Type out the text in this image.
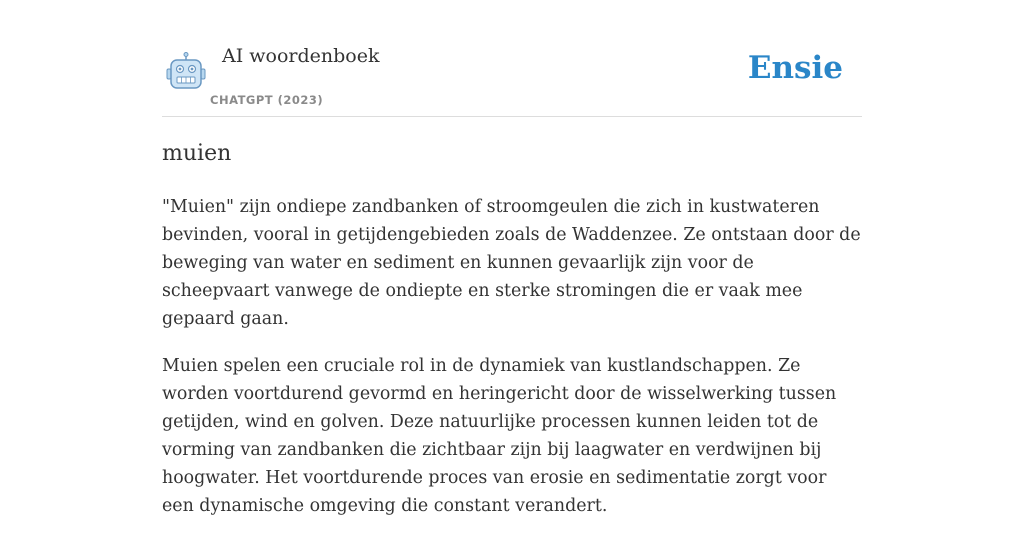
AI woordenboek
CHATGPT (2023)
Ensie
muien

"Muien" zijn ondiepe zandbanken of stroomgeulen die zich in kustwateren bevinden, vooral in getijdengebieden zoals de Waddenzee. Ze ontstaan door de beweging van water en sediment en kunnen gevaarlijk zijn voor de scheepvaart vanwege de ondiepte en sterke stromingen die er vaak mee gepaard gaan.

Muien spelen een cruciale rol in de dynamiek van kustlandschappen. Ze worden voortdurend gevormd en heringericht door de wisselwerking tussen getijden, wind en golven. Deze natuurlijke processen kunnen leiden tot de vorming van zandbanken die zichtbaar zijn bij laagwater en verdwijnen bij hoogwater. Het voortdurende proces van erosie en sedimentatie zorgt voor een dynamische omgeving die constant verandert.
